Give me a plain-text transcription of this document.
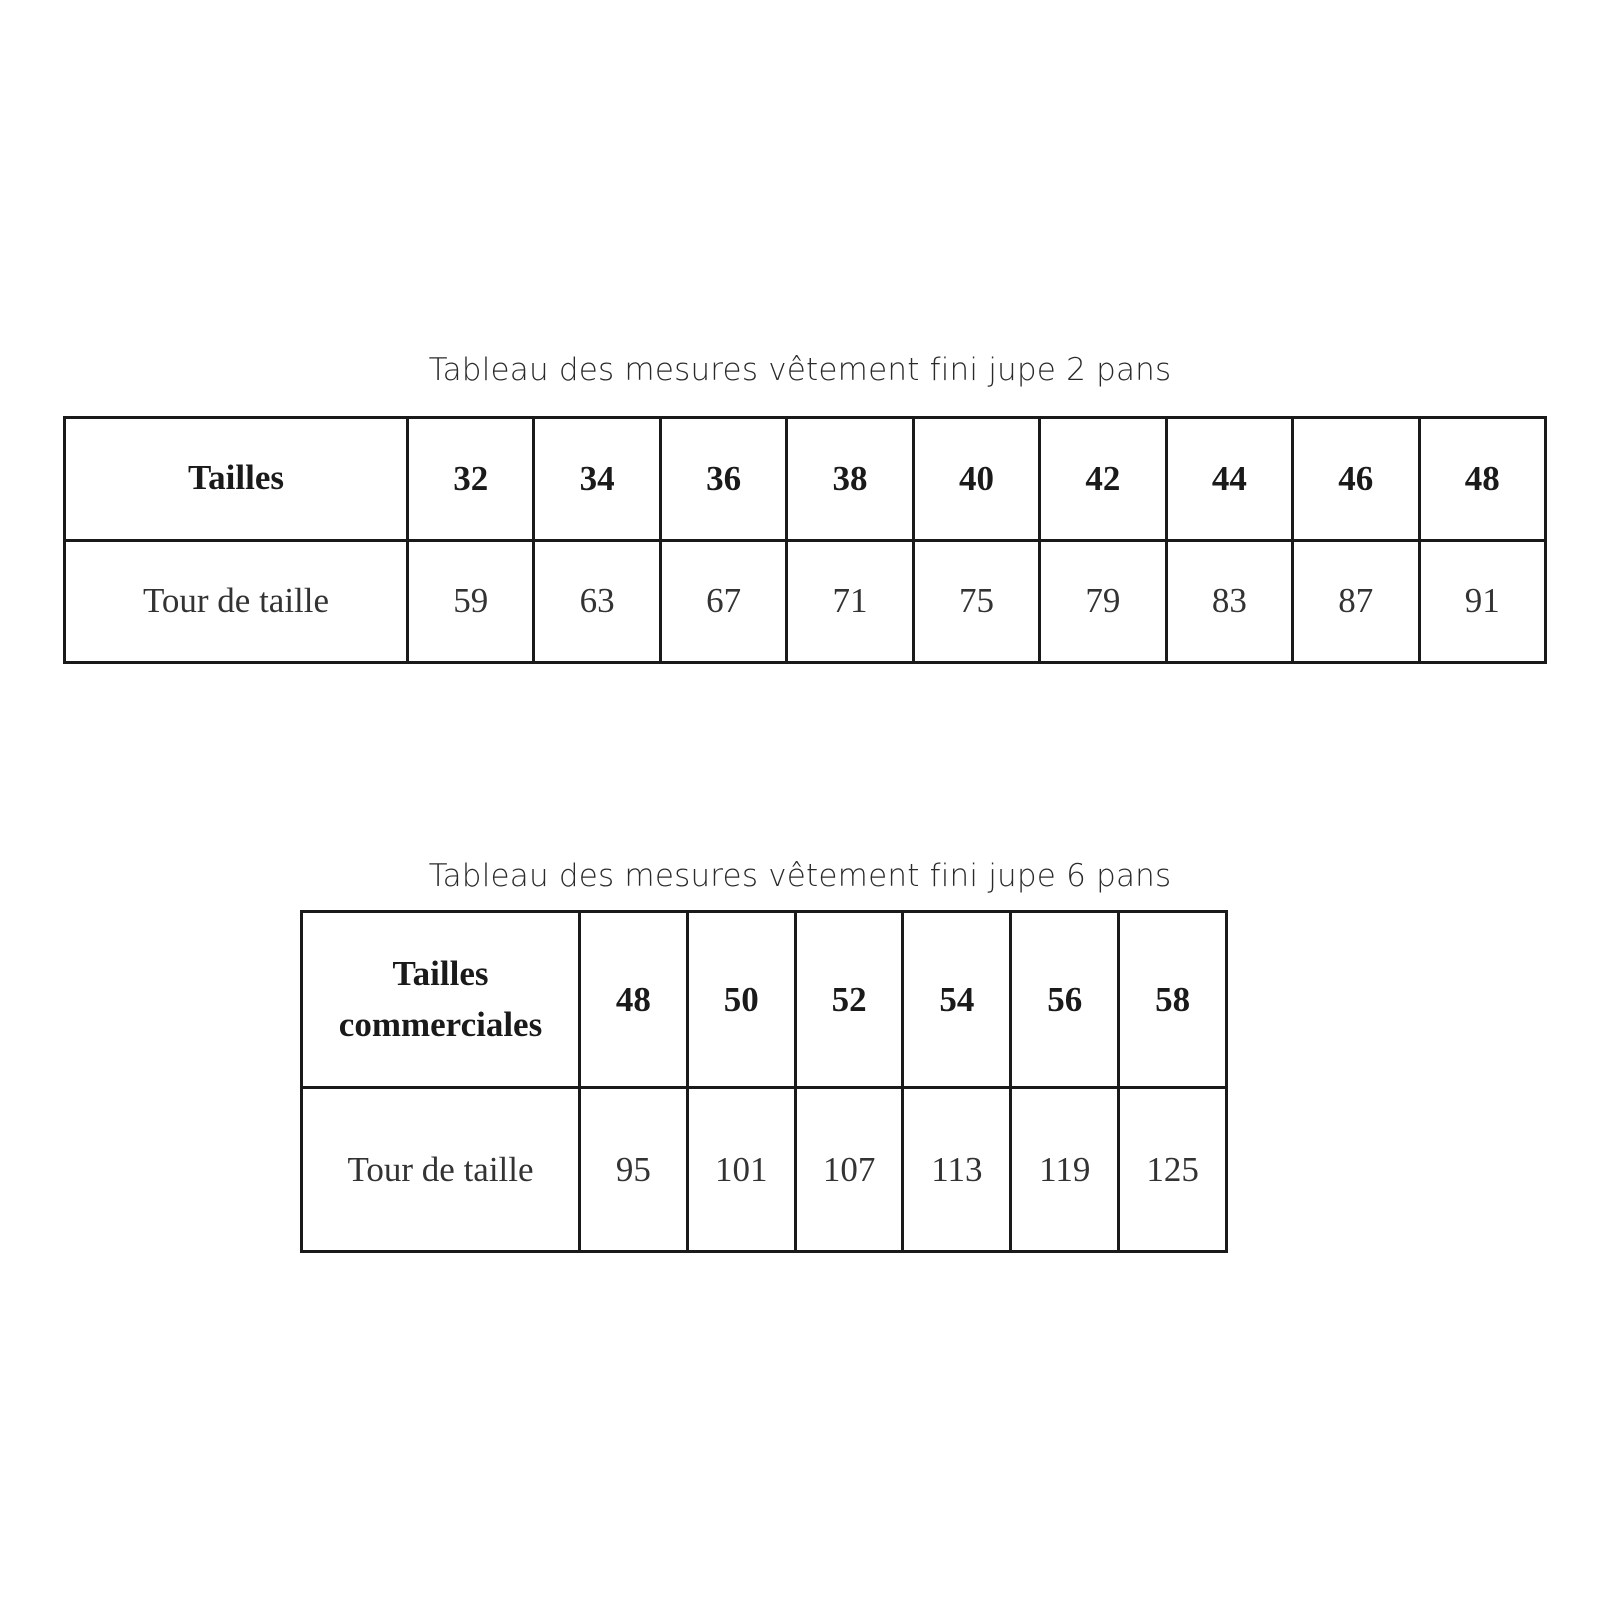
Tableau des mesures vêtement fini jupe 2 pans
Tailles	32	34	36	38	40	42	44	46	48
Tour de taille	59	63	67	71	75	79	83	87	91
Tableau des mesures vêtement fini jupe 6 pans
Tailles
commerciales	48	50	52	54	56	58
Tour de taille	95	101	107	113	119	125
